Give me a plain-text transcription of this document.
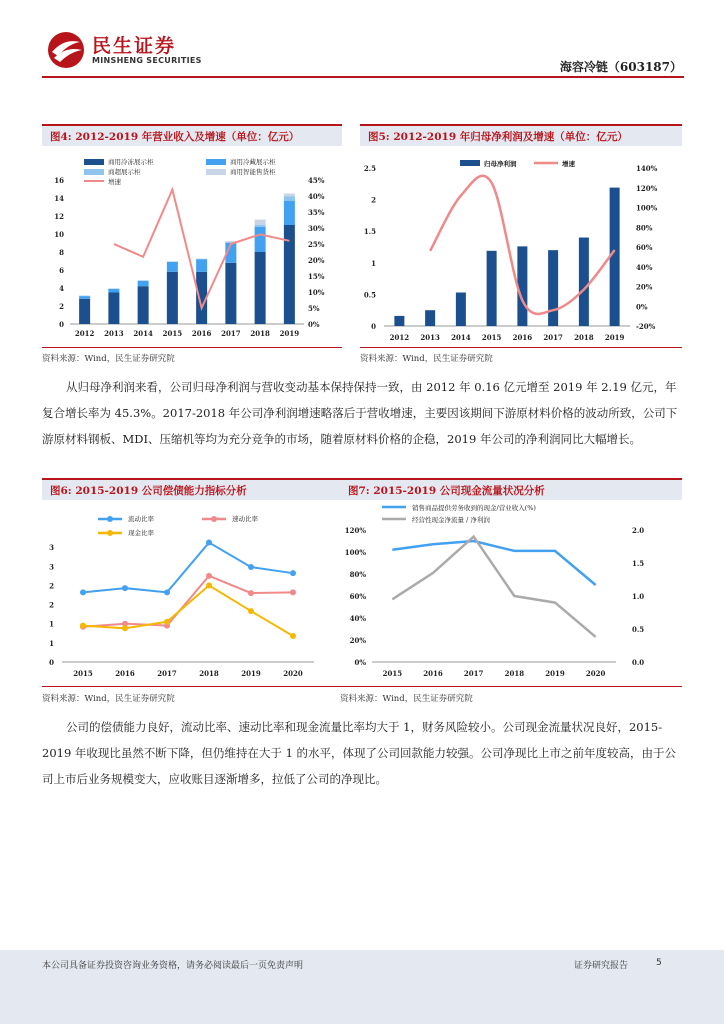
民生证券
MINSHENG SECURITIES	海容冷链（603187）
图4: 2012-2019 年营业收入及增速（单位：亿元）
商用冷冻展示柜	商用冷藏展示柜
商超展示柜	商用智能售货柜
增速
0
2
4
6
8
10
12
14
16
0%
5%
10%
15%
20%
25%
30%
35%
40%
45%
2012 2013 2014 2015 2016 2017 2018 2019
资料来源：Wind，民生证券研究院
图5: 2012-2019 年归母净利润及增速（单位：亿元）
归母净利润	增速
0
0.5
1
1.5
2
2.5
-20%
0%
20%
40%
60%
80%
100%
120%
140%
2012 2013 2014 2015 2016 2017 2018 2019
资料来源：Wind，民生证券研究院

从归母净利润来看，公司归母净利润与营收变动基本保持保持一致，由 2012 年 0.16 亿元增至 2019 年 2.19 亿元，年复合增长率为 45.3%。2017-2018 年公司净利润增速略落后于营收增速，主要因该期间下游原材料价格的波动所致，公司下游原材料钢板、MDI、压缩机等均为充分竞争的市场，随着原材料价格的企稳，2019 年公司的净利润同比大幅增长。

图6: 2015-2019 公司偿债能力指标分析
流动比率	速动比率
现金比率
0
1
1
2
2
3
3
2015	2016	2017	2018	2019	2020
资料来源：Wind，民生证券研究院
图7: 2015-2019 公司现金流量状况分析
销售商品提供劳务收到的现金/营业收入(%)
经营性现金净流量 / 净利润
0%
20%
40%
60%
80%
100%
120%
0.0
0.5
1.0
1.5
2.0
2015	2016	2017	2018	2019	2020
资料来源：Wind，民生证券研究院

公司的偿债能力良好，流动比率、速动比率和现金流量比率均大于 1，财务风险较小。公司现金流量状况良好，2015-2019 年收现比虽然不断下降，但仍维持在大于 1 的水平，体现了公司回款能力较强。公司净现比上市之前年度较高，由于公司上市后业务规模变大，应收账目逐渐增多，拉低了公司的净现比。

本公司具备证券投资咨询业务资格，请务必阅读最后一页免责声明	证券研究报告	5
